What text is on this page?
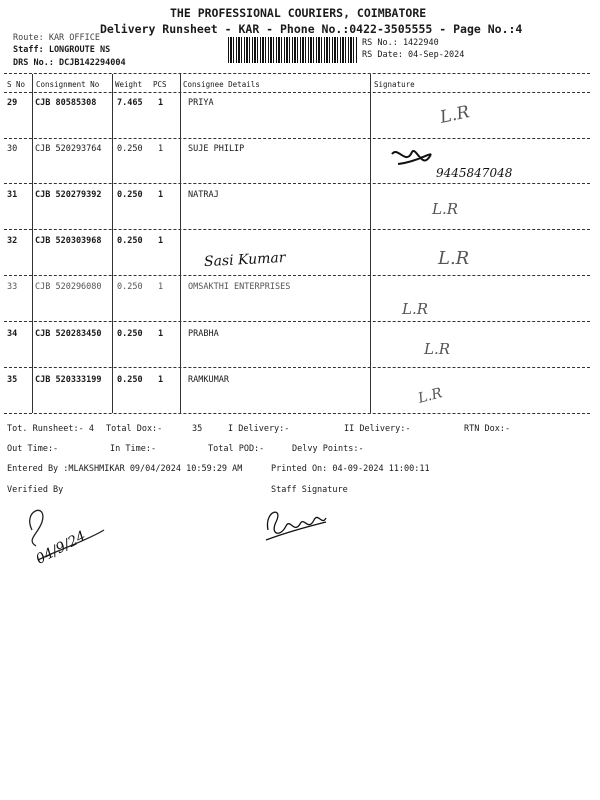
THE PROFESSIONAL COURIERS, COIMBATORE
Delivery Runsheet - KAR - Phone No.:0422-3505555 - Page No.:4
Route: KAR OFFICE
Staff: LONGROUTE NS
DRS No.: DCJB142294004
RS No.: 1422940
RS Date: 04-Sep-2024
S No Consignment No Weight PCS Consignee Details	Signature
29 CJB 80585308 7.465 1	PRIYA	L.R
30 CJB 520293764 0.250 1	SUJE PHILIP
9445847048
31 CJB 520279392 0.250 1	NATRAJ
L.R
32 CJB 520303968 0.250 1
Sasi Kumar	L.R
33 CJB 520296080 0.250 1	OMSAKTHI ENTERPRISES
L.R
34 CJB 520283450 0.250 1	PRABHA
L.R
35 CJB 520333199 0.250 1	RAMKUMAR
L.R
Tot. Runsheet:- 4 Total Dox:-	35	I Delivery:-	II Delivery:-	RTN Dox:-
Out Time:-	In Time:-	Total POD:-	Delvy Points:-
Entered By :MLAKSHMIKAR 09/04/2024 10:59:29 AM	Printed On: 04-09-2024 11:00:11
Verified By	Staff Signature
04/9/24
